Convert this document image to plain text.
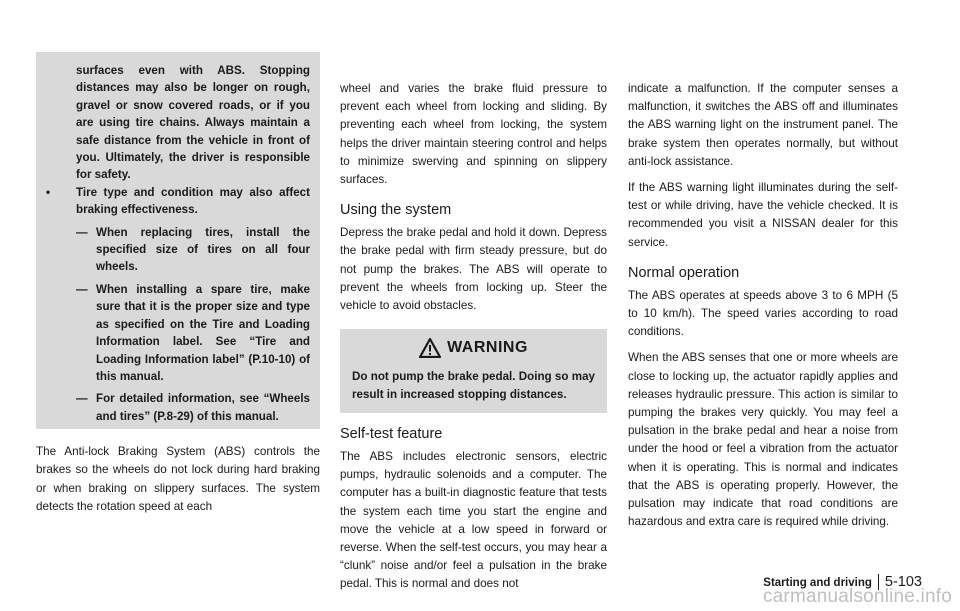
surfaces even with ABS. Stopping distances may also be longer on rough, gravel or snow covered roads, or if you are using tire chains. Always maintain a safe distance from the vehicle in front of you. Ultimately, the driver is responsible for safety.
• Tire type and condition may also affect braking effectiveness.
— When replacing tires, install the specified size of tires on all four wheels.
— When installing a spare tire, make sure that it is the proper size and type as specified on the Tire and Loading Information label. See “Tire and Loading Information label” (P.10-10) of this manual.
— For detailed information, see “Wheels and tires” (P.8-29) of this manual.

The Anti-lock Braking System (ABS) controls the brakes so the wheels do not lock during hard braking or when braking on slippery surfaces. The system detects the rotation speed at each

wheel and varies the brake fluid pressure to prevent each wheel from locking and sliding. By preventing each wheel from locking, the system helps the driver maintain steering control and helps to minimize swerving and spinning on slippery surfaces.

Using the system

Depress the brake pedal and hold it down. Depress the brake pedal with firm steady pressure, but do not pump the brakes. The ABS will operate to prevent the wheels from locking up. Steer the vehicle to avoid obstacles.

WARNING

Do not pump the brake pedal. Doing so may result in increased stopping distances.

Self-test feature

The ABS includes electronic sensors, electric pumps, hydraulic solenoids and a computer. The computer has a built-in diagnostic feature that tests the system each time you start the engine and move the vehicle at a low speed in forward or reverse. When the self-test occurs, you may hear a “clunk” noise and/or feel a pulsation in the brake pedal. This is normal and does not

indicate a malfunction. If the computer senses a malfunction, it switches the ABS off and illuminates the ABS warning light on the instrument panel. The brake system then operates normally, but without anti-lock assistance.

If the ABS warning light illuminates during the self-test or while driving, have the vehicle checked. It is recommended you visit a NISSAN dealer for this service.

Normal operation

The ABS operates at speeds above 3 to 6 MPH (5 to 10 km/h). The speed varies according to road conditions.

When the ABS senses that one or more wheels are close to locking up, the actuator rapidly applies and releases hydraulic pressure. This action is similar to pumping the brakes very quickly. You may feel a pulsation in the brake pedal and hear a noise from under the hood or feel a vibration from the actuator when it is operating. This is normal and indicates that the ABS is operating properly. However, the pulsation may indicate that road conditions are hazardous and extra care is required while driving.

Starting and driving 5-103
carmanualsonline.info
